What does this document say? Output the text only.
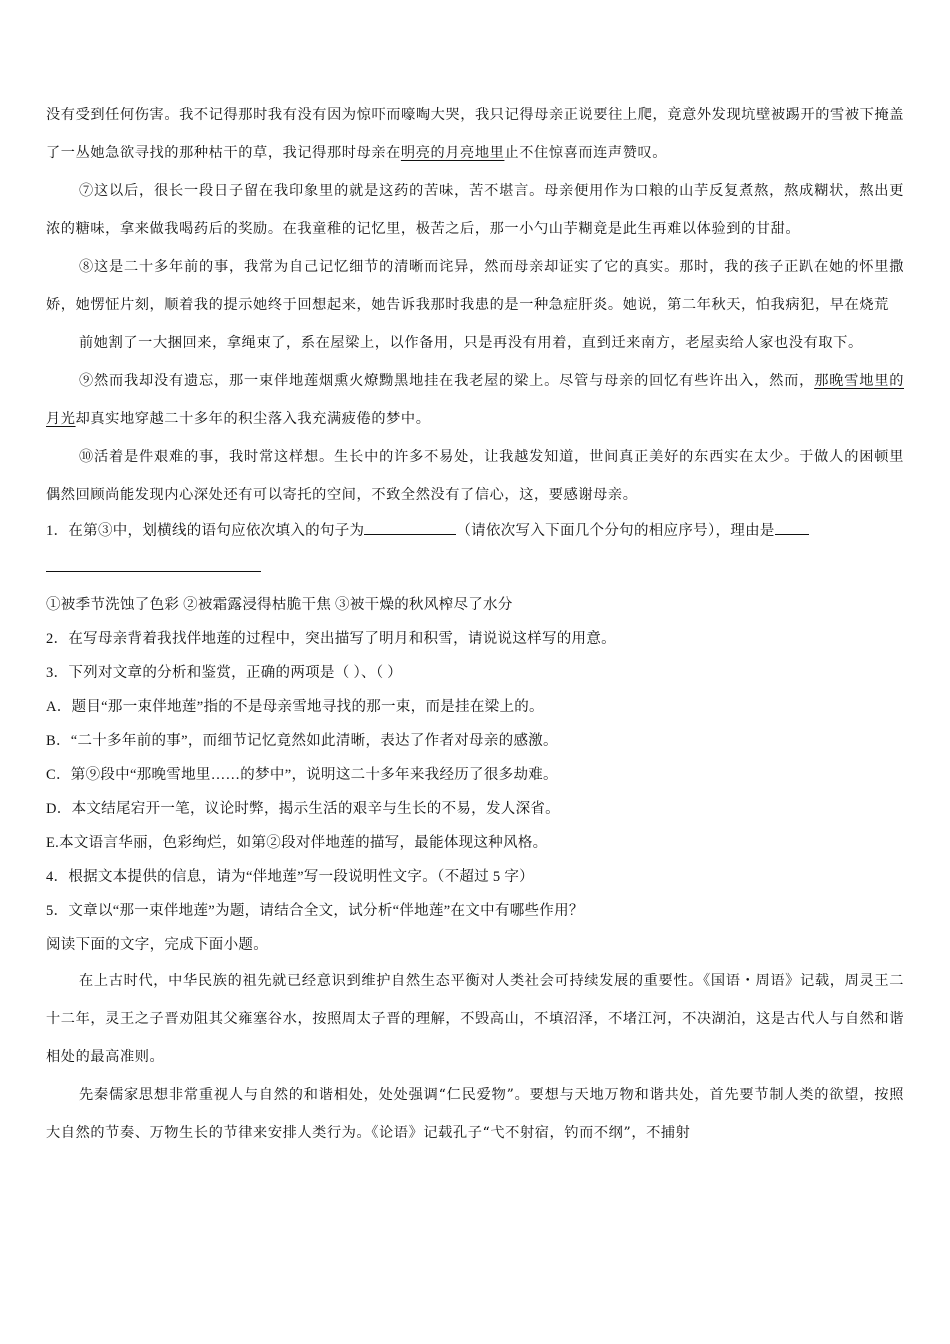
没有受到任何伤害。我不记得那时我有没有因为惊吓而嚎啕大哭，我只记得母亲正说要往上爬，竟意外发现坑壁被踢开的雪被下掩盖了一丛她急欲寻找的那种枯干的草，我记得那时母亲在明亮的月亮地里止不住惊喜而连声赞叹。

⑦这以后，很长一段日子留在我印象里的就是这药的苦味，苦不堪言。母亲便用作为口粮的山芋反复煮熬，熬成糊状，熬出更浓的糖味，拿来做我喝药后的奖励。在我童稚的记忆里，极苦之后，那一小勺山芋糊竟是此生再难以体验到的甘甜。

⑧这是二十多年前的事，我常为自己记忆细节的清晰而诧异，然而母亲却证实了它的真实。那时，我的孩子正趴在她的怀里撒娇，她愣怔片刻，顺着我的提示她终于回想起来，她告诉我那时我患的是一种急症肝炎。她说，第二年秋天，怕我病犯，早在烧荒

前她割了一大捆回来，拿绳束了，系在屋梁上，以作备用，只是再没有用着，直到迁来南方，老屋卖给人家也没有取下。

⑨然而我却没有遗忘，那一束伴地莲烟熏火燎黝黑地挂在我老屋的梁上。尽管与母亲的回忆有些许出入，然而，那晚雪地里的月光却真实地穿越二十多年的积尘落入我充满疲倦的梦中。

⑩活着是件艰难的事，我时常这样想。生长中的许多不易处，让我越发知道，世间真正美好的东西实在太少。于做人的困顿里偶然回顾尚能发现内心深处还有可以寄托的空间，不致全然没有了信心，这，要感谢母亲。

1．在第③中，划横线的语句应依次填入的句子为	（请依次写入下面几个分句的相应序号），理由是

①被季节洗蚀了色彩 ②被霜露浸得枯脆干焦 ③被干燥的秋风榨尽了水分

2．在写母亲背着我找伴地莲的过程中，突出描写了明月和积雪，请说说这样写的用意。

3．下列对文章的分析和鉴赏，正确的两项是（ ）、（ ）

A．题目“那一束伴地莲”指的不是母亲雪地寻找的那一束，而是挂在梁上的。

B．“二十多年前的事”，而细节记忆竟然如此清晰，表达了作者对母亲的感激。

C．第⑨段中“那晚雪地里……的梦中”，说明这二十多年来我经历了很多劫难。

D．本文结尾宕开一笔，议论时弊，揭示生活的艰辛与生长的不易，发人深省。

E.本文语言华丽，色彩绚烂，如第②段对伴地莲的描写，最能体现这种风格。

4．根据文本提供的信息，请为“伴地莲”写一段说明性文字。（不超过 5 字）

5．文章以“那一束伴地莲”为题，请结合全文，试分析“伴地莲”在文中有哪些作用？

阅读下面的文字，完成下面小题。

在上古时代，中华民族的祖先就已经意识到维护自然生态平衡对人类社会可持续发展的重要性。《国语・周语》记载，周灵王二十二年，灵王之子晋劝阻其父雍塞谷水，按照周太子晋的理解，不毁高山，不填沼泽，不堵江河，不决湖泊，这是古代人与自然和谐相处的最高准则。

先秦儒家思想非常重视人与自然的和谐相处，处处强调“仁民爱物”。要想与天地万物和谐共处，首先要节制人类的欲望，按照大自然的节奏、万物生长的节律来安排人类行为。《论语》记载孔子“弋不射宿，钓而不纲”，不捕射
